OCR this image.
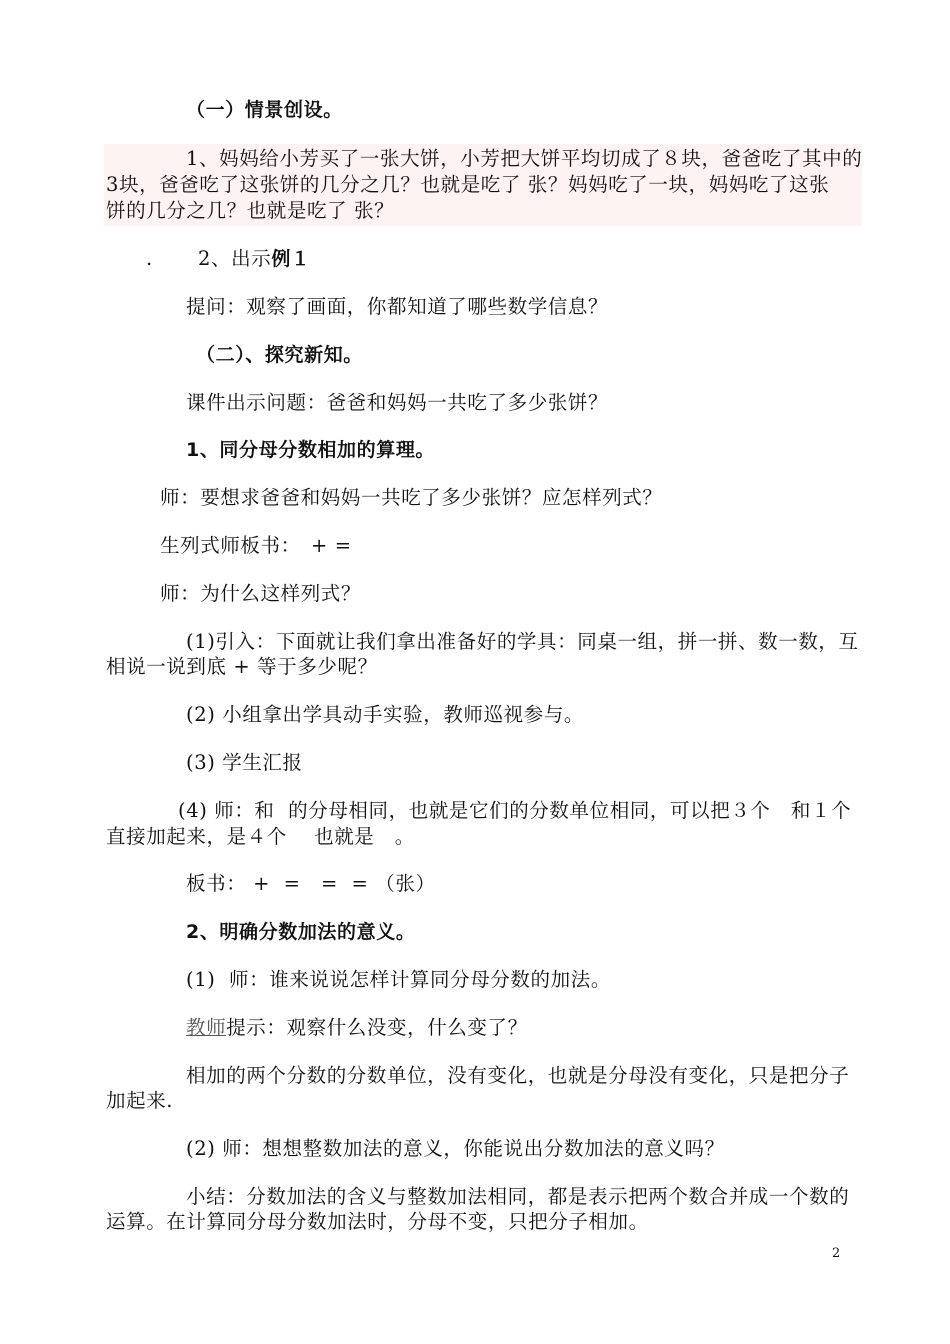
（一）情景创设。
1、妈妈给小芳买了一张大饼，小芳把大饼平均切成了８块，爸爸吃了其中的
3块，爸爸吃了这张饼的几分之几？也就是吃了 张？妈妈吃了一块，妈妈吃了这张
饼的几分之几？也就是吃了 张？
. 2、出示例１
提问：观察了画面，你都知道了哪些数学信息？
（二）、探究新知。
课件出示问题：爸爸和妈妈一共吃了多少张饼？
1、同分母分数相加的算理。
师：要想求爸爸和妈妈一共吃了多少张饼？应怎样列式？
生列式师板书：　+ =
师：为什么这样列式？
(1)引入：下面就让我们拿出准备好的学具：同桌一组，拼一拼、数一数，互
相说一说到底 + 等于多少呢？
(2) 小组拿出学具动手实验，教师巡视参与。
(3) 学生汇报
(4) 师：和  的分母相同，也就是它们的分数单位相同，可以把３个   和１个
直接加起来，是４个    也就是   。
板书： +  =   =  = （张）
2、明确分数加法的意义。
(1)  师：谁来说说怎样计算同分母分数的加法。
教师提示：观察什么没变，什么变了？
相加的两个分数的分数单位，没有变化，也就是分母没有变化，只是把分子
加起来.
(2) 师：想想整数加法的意义，你能说出分数加法的意义吗？
小结：分数加法的含义与整数加法相同，都是表示把两个数合并成一个数的
运算。在计算同分母分数加法时，分母不变，只把分子相加。
2
